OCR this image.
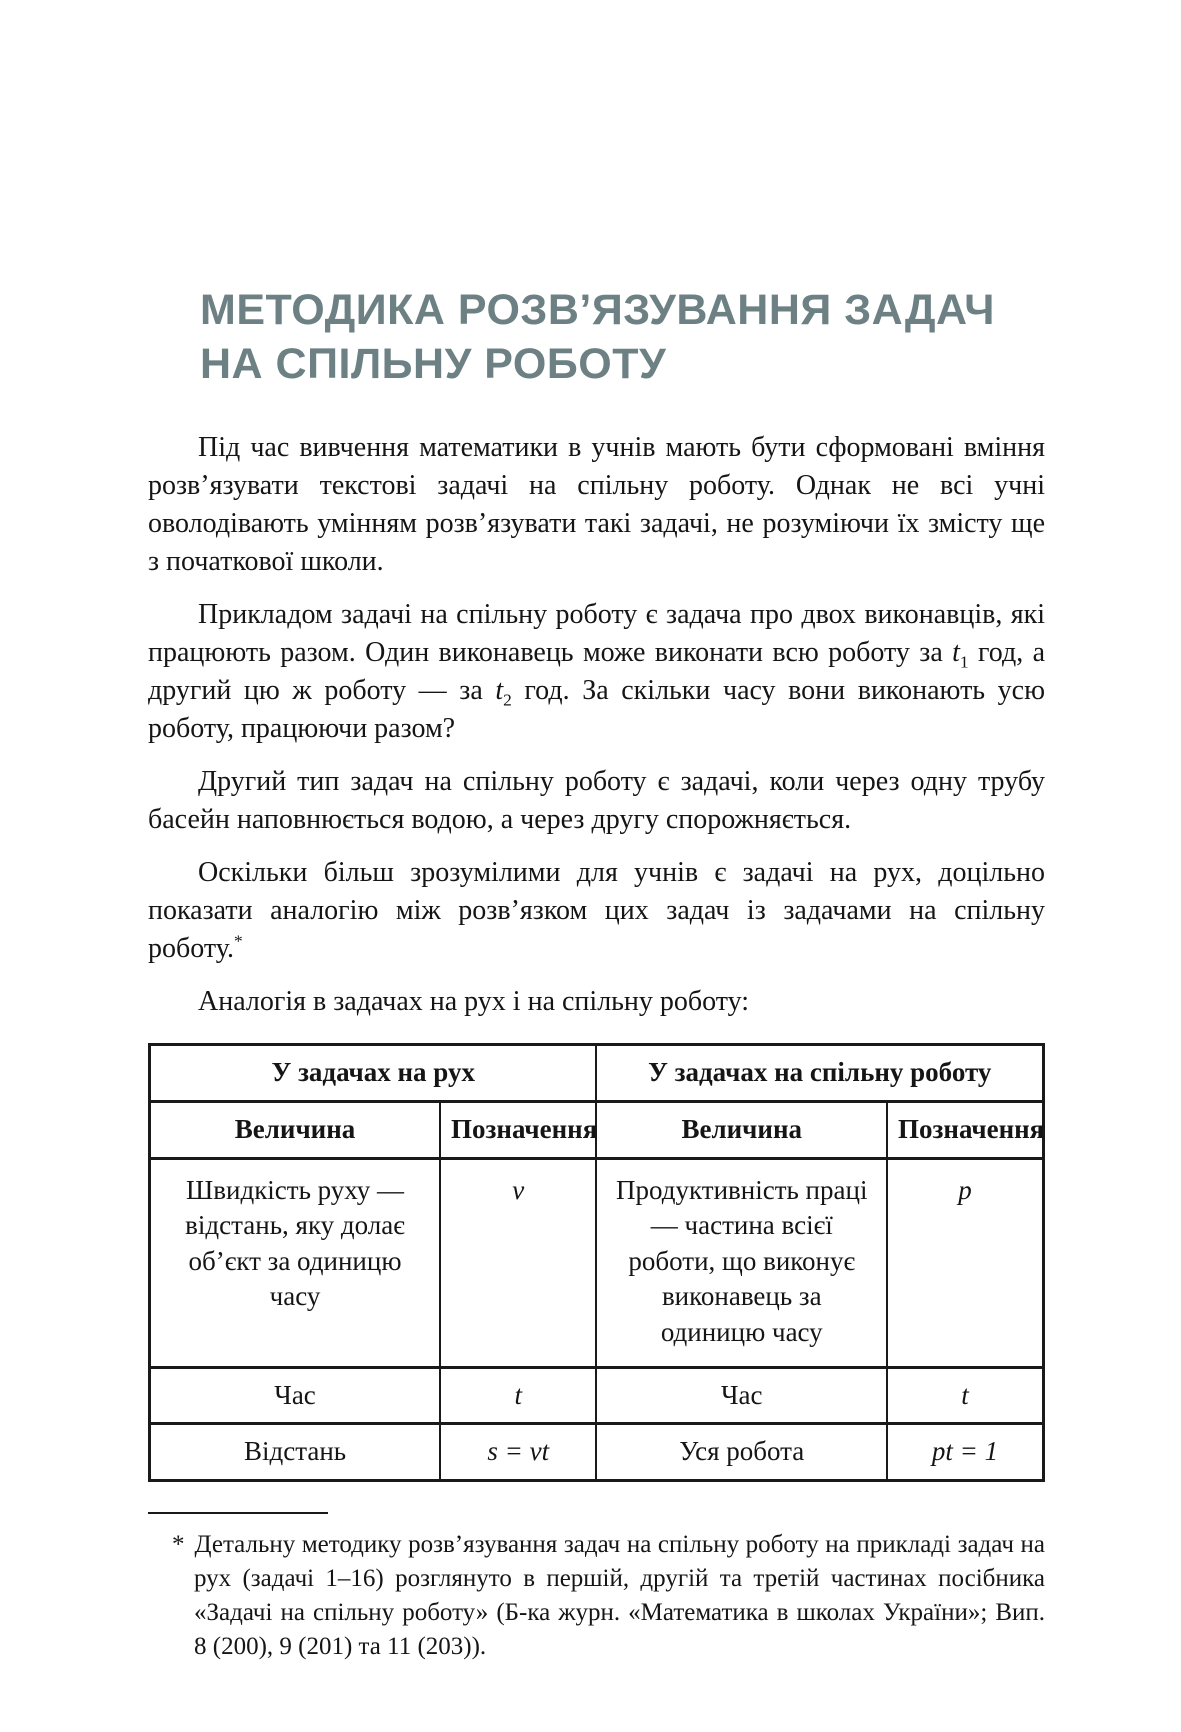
МЕТОДИКА РОЗВ’ЯЗУВАННЯ ЗАДАЧ
НА СПІЛЬНУ РОБОТУ

Під час вивчення математики в учнів мають бути сформовані вміння розв’язувати текстові задачі на спільну роботу. Однак не всі учні оволодівають умінням розв’язувати такі задачі, не розуміючи їх змісту ще з початкової школи.

Прикладом задачі на спільну роботу є задача про двох виконавців, які працюють разом. Один виконавець може виконати всю роботу за $t_1$ год, а другий цю ж роботу — за $t_2$ год. За скільки часу вони виконають усю роботу, працюючи разом?

Другий тип задач на спільну роботу є задачі, коли через одну трубу басейн наповнюється водою, а через другу спорожняється.

Оскільки більш зрозумілими для учнів є задачі на рух, доцільно показати аналогію між розв’язком цих задач із задачами на спільну роботу.*

Аналогія в задачах на рух і на спільну роботу:

У задачах на рух		У задачах на спільну роботу	
Величина	Позначення	Величина	Позначення
Швидкість руху — відстань, яку долає об’єкт за одиницю часу	v	Продуктивність праці — частина всієї роботи, що виконує виконавець за одиницю часу	p
Час	t	Час	t
Відстань	s = vt	Уся робота	pt = 1
* Детальну методику розв’язування задач на спільну роботу на прикладі задач на рух (задачі 1–16) розглянуто в першій, другій та третій частинах посібника «Задачі на спільну роботу» (Б-ка журн. «Математика в школах України»; Вип. 8 (200), 9 (201) та 11 (203)).
